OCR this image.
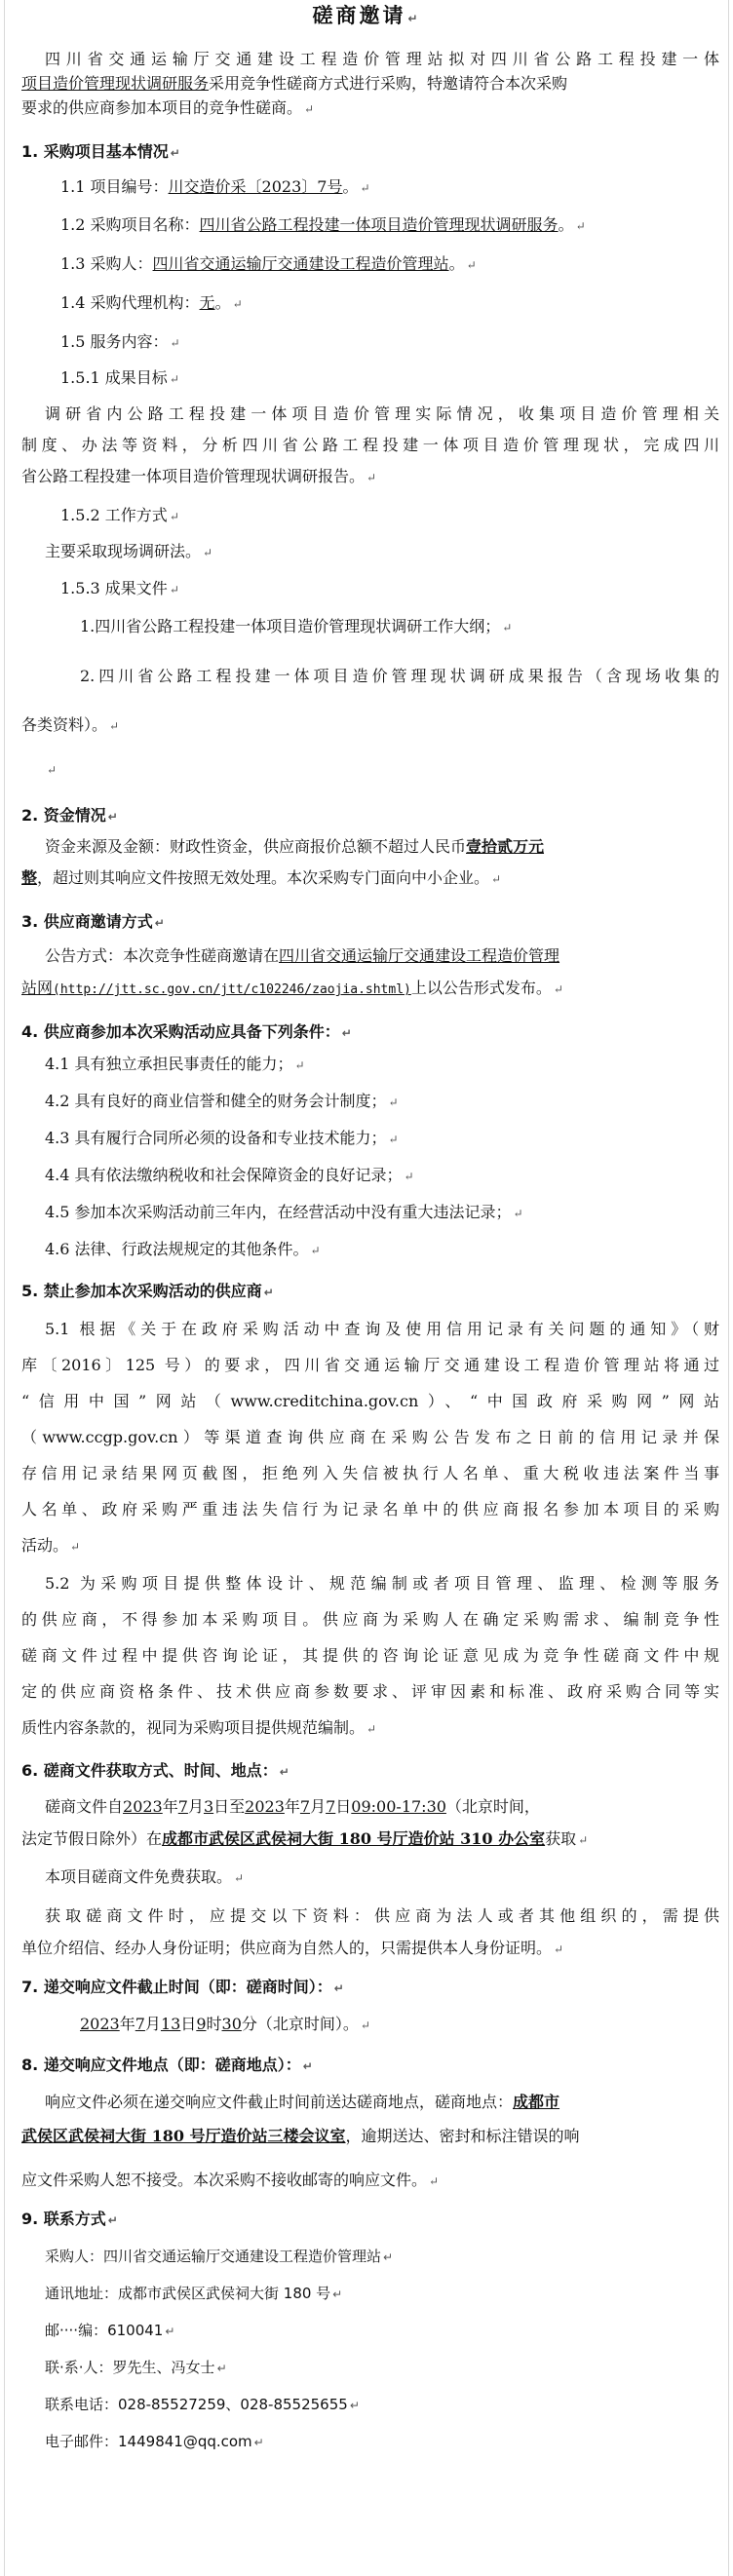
磋商邀请 ↵
四川省交通运输厅交通建设工程造价管理站拟对四川省公路工程投建一体
项目造价管理现状调研服务采用竞争性磋商方式进行采购，特邀请符合本次采购
要求的供应商参加本项目的竞争性磋商。 ↵
1. 采购项目基本情况 ↵
1.1 项目编号：川交造价采〔2023〕7号。 ↵
1.2 采购项目名称：四川省公路工程投建一体项目造价管理现状调研服务。 ↵
1.3 采购人：四川省交通运输厅交通建设工程造价管理站。 ↵
1.4 采购代理机构：无。 ↵
1.5 服务内容： ↵
1.5.1 成果目标 ↵
调研省内公路工程投建一体项目造价管理实际情况，收集项目造价管理相关
制度、办法等资料，分析四川省公路工程投建一体项目造价管理现状，完成四川
省公路工程投建一体项目造价管理现状调研报告。 ↵
1.5.2 工作方式 ↵
主要采取现场调研法。 ↵
1.5.3 成果文件 ↵
1.四川省公路工程投建一体项目造价管理现状调研工作大纲； ↵
2.四川省公路工程投建一体项目造价管理现状调研成果报告（含现场收集的
各类资料）。 ↵
↵
2. 资金情况 ↵
资金来源及金额：财政性资金，供应商报价总额不超过人民币壹拾贰万元
整，超过则其响应文件按照无效处理。本次采购专门面向中小企业。 ↵
3. 供应商邀请方式 ↵
公告方式：本次竞争性磋商邀请在四川省交通运输厅交通建设工程造价管理
站网(http://jtt.sc.gov.cn/jtt/c102246/zaojia.shtml)上以公告形式发布。 ↵
4. 供应商参加本次采购活动应具备下列条件： ↵
4.1 具有独立承担民事责任的能力； ↵
4.2 具有良好的商业信誉和健全的财务会计制度； ↵
4.3 具有履行合同所必须的设备和专业技术能力； ↵
4.4 具有依法缴纳税收和社会保障资金的良好记录； ↵
4.5 参加本次采购活动前三年内，在经营活动中没有重大违法记录； ↵
4.6 法律、行政法规规定的其他条件。 ↵
5. 禁止参加本次采购活动的供应商 ↵
5.1 根据《关于在政府采购活动中查询及使用信用记录有关问题的通知》（财
库〔2016〕125 号）的要求，四川省交通运输厅交通建设工程造价管理站将通过
“信用中国”网站（www.creditchina.gov.cn）、“中国政府采购网”网站
（www.ccgp.gov.cn）等渠道查询供应商在采购公告发布之日前的信用记录并保
存信用记录结果网页截图，拒绝列入失信被执行人名单、重大税收违法案件当事
人名单、政府采购严重违法失信行为记录名单中的供应商报名参加本项目的采购
活动。 ↵
5.2 为采购项目提供整体设计、规范编制或者项目管理、监理、检测等服务
的供应商，不得参加本采购项目。供应商为采购人在确定采购需求、编制竞争性
磋商文件过程中提供咨询论证，其提供的咨询论证意见成为竞争性磋商文件中规
定的供应商资格条件、技术供应商参数要求、评审因素和标准、政府采购合同等实
质性内容条款的，视同为采购项目提供规范编制。 ↵
6. 磋商文件获取方式、时间、地点： ↵
磋商文件自2023年7月3日至2023年7月7日09:00-17:30（北京时间，
法定节假日除外）在成都市武侯区武侯祠大街 180 号厅造价站 310 办公室获取 ↵
本项目磋商文件免费获取。 ↵
获取磋商文件时，应提交以下资料：供应商为法人或者其他组织的，需提供
单位介绍信、经办人身份证明；供应商为自然人的，只需提供本人身份证明。 ↵
7. 递交响应文件截止时间（即：磋商时间）： ↵
2023年7月13日9时30分（北京时间）。 ↵
8. 递交响应文件地点（即：磋商地点）： ↵
响应文件必须在递交响应文件截止时间前送达磋商地点，磋商地点：成都市
武侯区武侯祠大街 180 号厅造价站三楼会议室，逾期送达、密封和标注错误的响
应文件采购人恕不接受。本次采购不接收邮寄的响应文件。 ↵
9. 联系方式 ↵
采购人：四川省交通运输厅交通建设工程造价管理站 ↵
通讯地址：成都市武侯区武侯祠大街 180 号 ↵
邮····编：610041 ↵
联·系·人：罗先生、冯女士 ↵
联系电话：028-85527259、028-85525655 ↵
电子邮件：1449841@qq.com ↵
